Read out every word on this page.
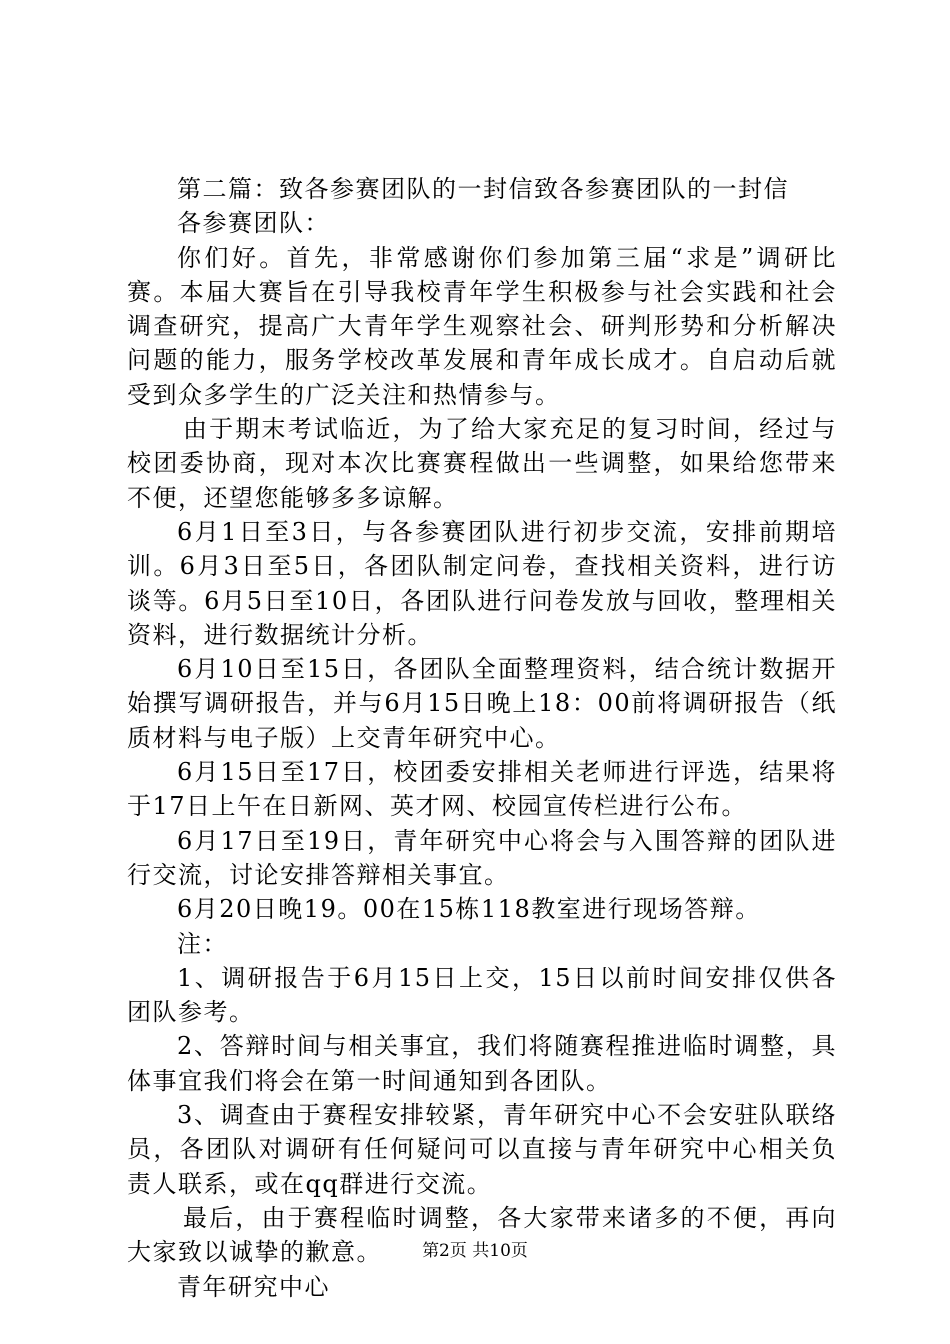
第二篇：致各参赛团队的一封信致各参赛团队的一封信

各参赛团队：

你们好。首先，非常感谢你们参加第三届“求是”调研比赛。本届大赛旨在引导我校青年学生积极参与社会实践和社会调查研究，提高广大青年学生观察社会、研判形势和分析解决问题的能力，服务学校改革发展和青年成长成才。自启动后就受到众多学生的广泛关注和热情参与。

由于期末考试临近，为了给大家充足的复习时间，经过与校团委协商，现对本次比赛赛程做出一些调整，如果给您带来不便，还望您能够多多谅解。

6月1日至3日，与各参赛团队进行初步交流，安排前期培训。6月3日至5日，各团队制定问卷，查找相关资料，进行访谈等。6月5日至10日，各团队进行问卷发放与回收，整理相关资料，进行数据统计分析。

6月10日至15日，各团队全面整理资料，结合统计数据开始撰写调研报告，并与6月15日晚上18：00前将调研报告（纸质材料与电子版）上交青年研究中心。

6月15日至17日，校团委安排相关老师进行评选，结果将于17日上午在日新网、英才网、校园宣传栏进行公布。

6月17日至19日，青年研究中心将会与入围答辩的团队进行交流，讨论安排答辩相关事宜。

6月20日晚19。00在15栋118教室进行现场答辩。

注：

1、调研报告于6月15日上交，15日以前时间安排仅供各团队参考。

2、答辩时间与相关事宜，我们将随赛程推进临时调整，具体事宜我们将会在第一时间通知到各团队。

3、调查由于赛程安排较紧，青年研究中心不会安驻队联络员，各团队对调研有任何疑问可以直接与青年研究中心相关负责人联系，或在qq群进行交流。

最后，由于赛程临时调整，各大家带来诸多的不便，再向大家致以诚挚的歉意。

青年研究中心

第2页 共10页
